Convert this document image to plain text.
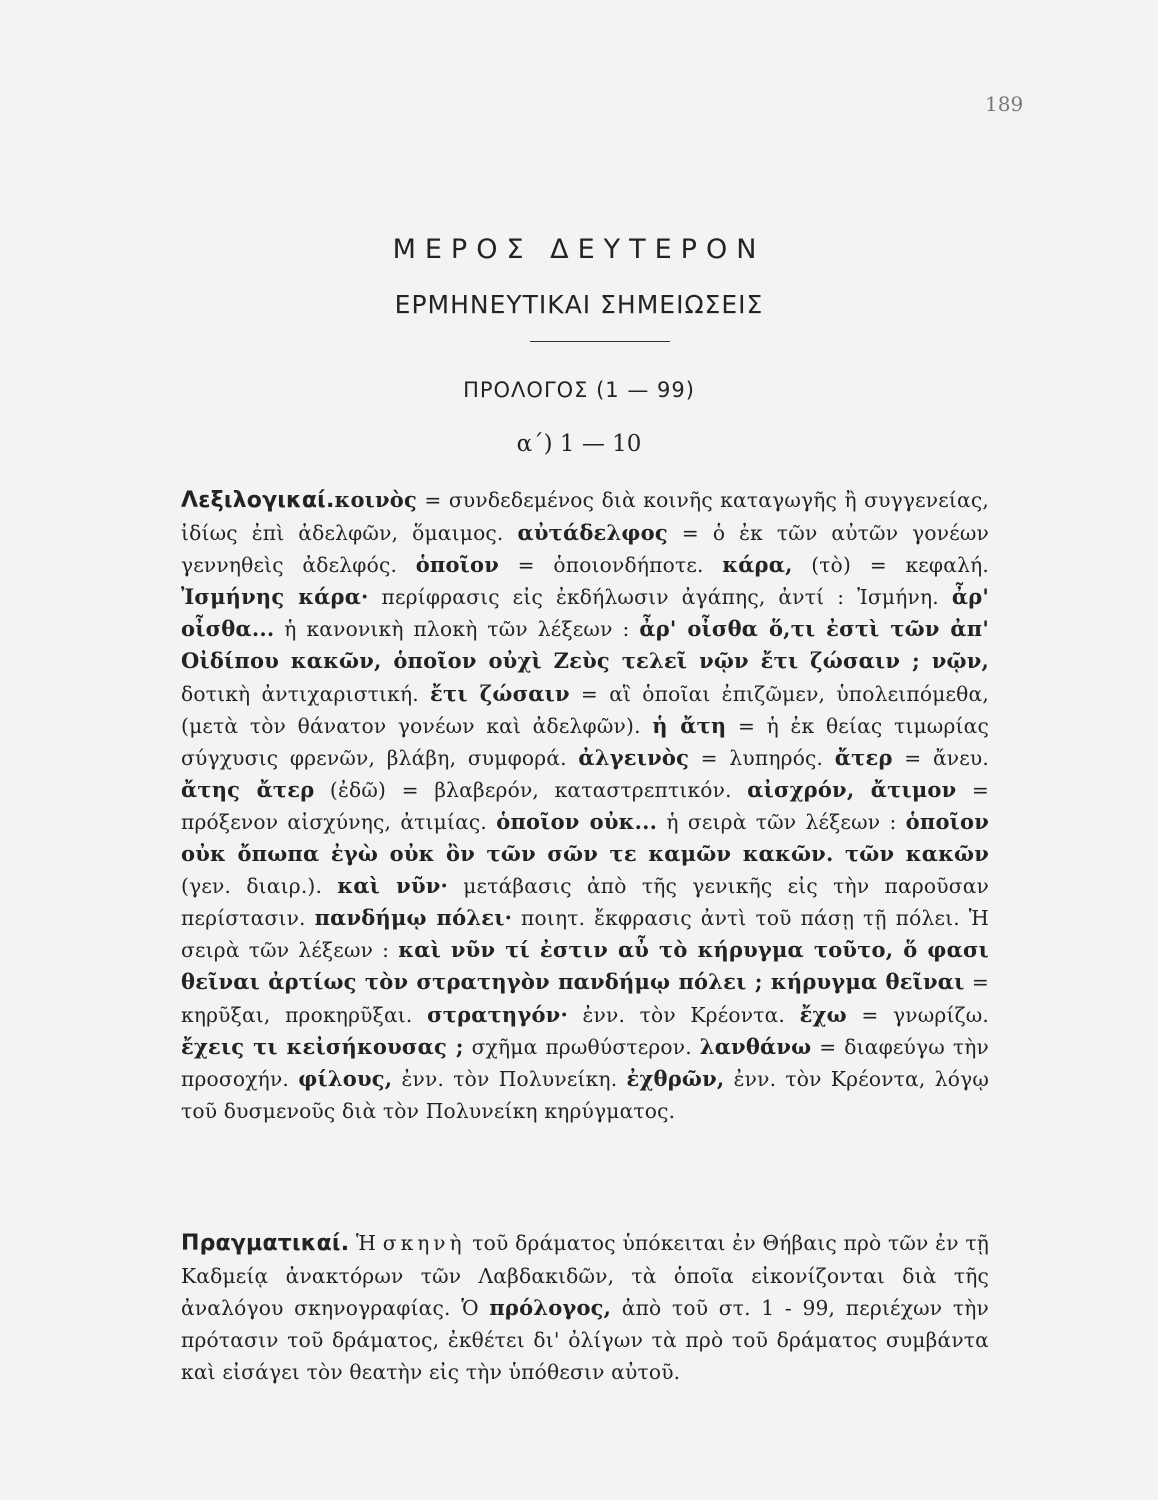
189
ΜΕΡΟΣ ΔΕΥΤΕΡΟΝ
ΕΡΜΗΝΕΥΤΙΚΑΙ ΣΗΜΕΙΩΣΕΙΣ
ΠΡΟΛΟΓΟΣ (1 — 99)
α΄) 1 — 10

Λεξιλογικαί.κοινὸς = συνδεδεμένος διὰ κοινῆς καταγωγῆς ἢ συγγενείας, ἰδίως ἐπὶ ἀδελφῶν, ὅμαιμος. αὐτάδελφος = ὁ ἐκ τῶν αὐτῶν γονέων γεννηθεὶς ἀδελφός. ὁποῖον = ὁποιονδήποτε. κάρα, (τὸ) = κεφαλή. Ἰσμήνης κάρα· περίφρασις εἰς ἐκδήλωσιν ἀγάπης, ἀντί : Ἰσμήνη. ἆρ' οἶσθα... ἡ κανονικὴ πλοκὴ τῶν λέξεων : ἆρ' οἶσθα ὅ,τι ἐστὶ τῶν ἀπ' Οἰδίπου κακῶν, ὁποῖον οὐχὶ Ζεὺς τελεῖ νῷν ἔτι ζώσαιν ; νῷν, δοτικὴ ἀντιχαριστική. ἔτι ζώσαιν = αἳ ὁποῖαι ἐπιζῶμεν, ὑπολειπόμεθα, (μετὰ τὸν θάνατον γονέων καὶ ἀδελφῶν). ἡ ἄτη = ἡ ἐκ θείας τιμωρίας σύγχυσις φρενῶν, βλάβη, συμφορά. ἀλγεινὸς = λυπηρός. ἄτερ = ἄνευ. ἄτης ἄτερ (ἐδῶ) = βλαβερόν, καταστρεπτικόν. αἰσχρόν, ἄτιμον = πρόξενον αἰσχύνης, ἀτιμίας. ὁποῖον οὐκ... ἡ σειρὰ τῶν λέξεων : ὁποῖον οὐκ ὄπωπα ἐγὼ οὐκ ὂν τῶν σῶν τε καμῶν κακῶν. τῶν κακῶν (γεν. διαιρ.). καὶ νῦν· μετάβασις ἀπὸ τῆς γενικῆς εἰς τὴν παροῦσαν περίστασιν. πανδήμῳ πόλει· ποιητ. ἔκφρασις ἀντὶ τοῦ πάσῃ τῇ πόλει. Ἡ σειρὰ τῶν λέξεων : καὶ νῦν τί ἐστιν αὖ τὸ κήρυγμα τοῦτο, ὅ φασι θεῖναι ἀρτίως τὸν στρατηγὸν πανδήμῳ πόλει ; κήρυγμα θεῖναι = κηρῦξαι, προκηρῦξαι. στρατηγόν· ἐνν. τὸν Κρέοντα. ἔχω = γνωρίζω. ἔχεις τι κεἰσήκουσας ; σχῆμα πρωθύστερον. λανθάνω = διαφεύγω τὴν προσοχήν. φίλους, ἐνν. τὸν Πολυνείκη. ἐχθρῶν, ἐνν. τὸν Κρέοντα, λόγῳ τοῦ δυσμενοῦς διὰ τὸν Πολυνείκη κηρύγματος.

Πραγματικαί. Ἡ σκηνὴ τοῦ δράματος ὑπόκειται ἐν Θήβαις πρὸ τῶν ἐν τῇ Καδμείᾳ ἀνακτόρων τῶν Λαβδακιδῶν, τὰ ὁποῖα εἰκονίζονται διὰ τῆς ἀναλόγου σκηνογραφίας. Ὁ πρόλογος, ἀπὸ τοῦ στ. 1 - 99, περιέχων τὴν πρότασιν τοῦ δράματος, ἐκθέτει δι' ὀλίγων τὰ πρὸ τοῦ δράματος συμβάντα καὶ εἰσάγει τὸν θεατὴν εἰς τὴν ὑπόθεσιν αὐτοῦ.
